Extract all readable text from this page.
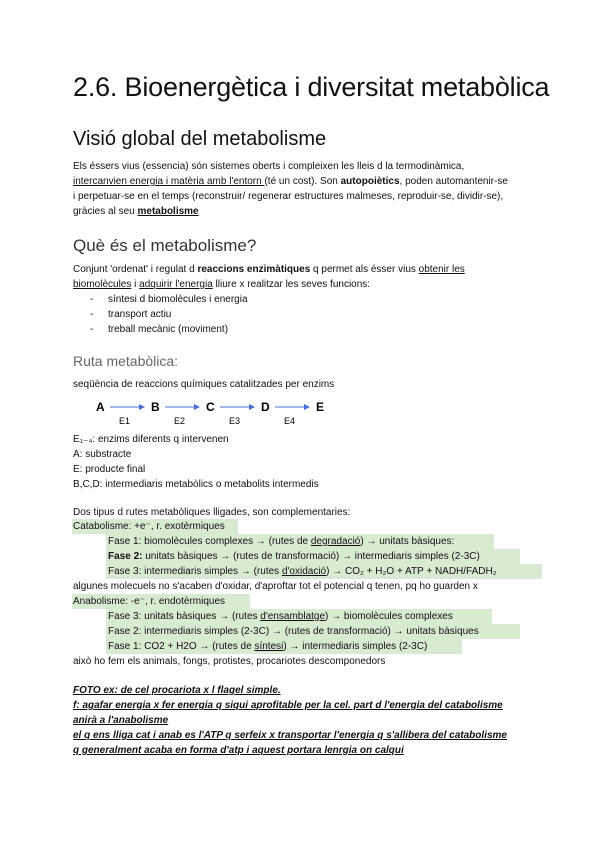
2.6. Bioenergètica i diversitat metabòlica
Visió global del metabolisme
Els éssers vius (essencia) són sistemes oberts i compleixen les lleis d la termodinàmica,
intercanvien energia i matèria amb l'entorn (té un cost). Son autopoiètics, poden automantenir-se
i perpetuar-se en el temps (reconstruir/ regenerar estructures malmeses, reproduir-se, dividir-se),
gràcies al seu metabolisme
Què és el metabolisme?
Conjunt 'ordenat' i regulat d reaccions enzimàtiques q permet als ésser vius obtenir les
biomolècules i adquirir l'energia lliure x realitzar les seves funcions:
- síntesi d biomolècules i energia
- transport actiu
- treball mecànic (moviment)
Ruta metabòlica:
seqüència de reaccions químiques catalitzades per enzims
A
E1
B
E2
C
E3
D
E4
E
E₁₋₄: enzims diferents q intervenen
A: substracte
E: producte final
B,C,D: intermediaris metabòlics o metabolits intermedis
Dos tipus d rutes metabòliques lligades, son complementaries:
Catabolisme: +e⁻, r. exotèrmiques
Fase 1: biomolècules complexes → (rutes de degradació) → unitats bàsiques:
Fase 2: unitats bàsiques → (rutes de transformació) → intermediaris simples (2-3C)
Fase 3: intermediaris simples → (rutes d'oxidació) → CO₂ + H₂O + ATP + NADH/FADH₂
algunes molecuels no s'acaben d'oxidar, d'aproftar tot el potencial q tenen, pq ho guarden x
Anabolisme: -e⁻, r. endotèrmiques
Fase 3: unitats bàsiques → (rutes d'ensamblatge) → biomolècules complexes
Fase 2: intermediaris simples (2-3C) → (rutes de transformació) → unitats bàsiques
Fase 1: CO2 + H2O → (rutes de síntesi) → intermediaris simples (2-3C)
això ho fem els animals, fongs, protistes, procariotes descomponedors
FOTO ex: de cel procariota x l flagel simple.
f: agafar energia x fer energia q siqui aprofitable per la cel. part d l'energia del catabolisme
anirà a l'anabolisme
el q ens lliga cat i anab es l'ATP q serfeix x transportar l'energia q s'allibera del catabolisme
q generalment acaba en forma d'atp i aquest portara lenrgia on calqui
